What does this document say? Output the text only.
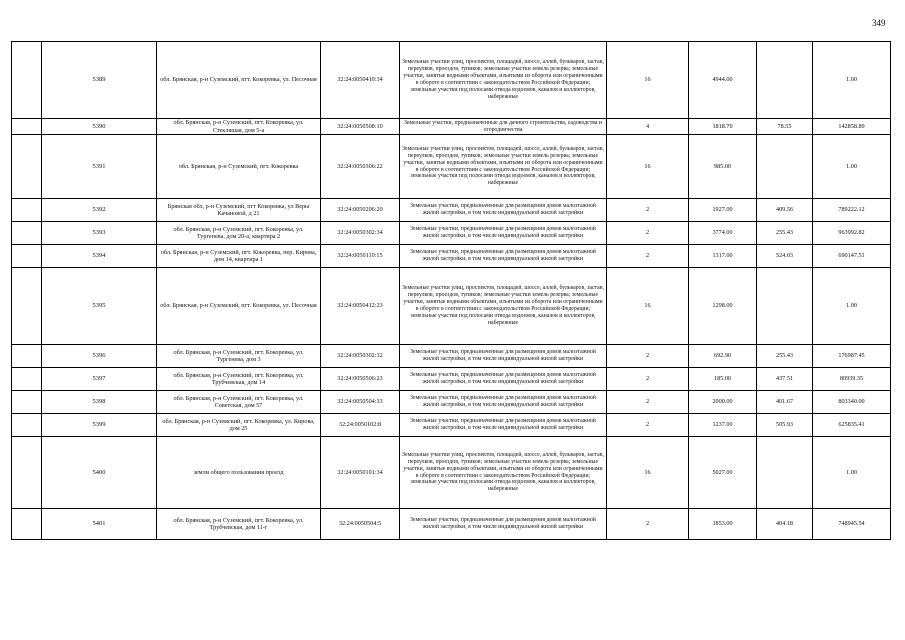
349
	5389	обл. Брянская, р-н Суземский, пгт. Кокоревка, ул. Песочная	32:24:0050410:34	Земельные участки улиц, проспектов, площадей, шоссе, аллей, бульваров, застав, переулков, проездов, тупиков; земельные участки земель резерва; земельные участки, занятые водными объектами, изъятыми из оборота или ограниченными в обороте в соответствии с законодательством Российской Федерации; земельные участки под полосами отвода водоемов, каналов и коллекторов, набережные	16	4944.00		1.00
	5390	обл. Брянская, р-н Суземский, пгт. Кокоревка, ул. Стекляшая, дом 5-а	32:24:0050508:10	Земельные участки, предназначенные для дачного строительства, садоводства и огородничества	4	1818.70	78.55	142858.89
	5391	обл. Брянская, р-н Суземский, пгт. Кокоревка	32:24:0050306:22	Земельные участки улиц, проспектов, площадей, шоссе, аллей, бульваров, застав, переулков, проездов, тупиков; земельные участки земель резерва; земельные участки, занятые водными объектами, изъятыми из оборота или ограниченными в обороте в соответствии с законодательством Российской Федерации; земельные участки под полосами отвода водоемов, каналов и коллекторов, набережные	16	985.00		1.00
	5392	Брянская обл, р-н Суземский, пгт Кокоревка, ул Веры Качановой, д 21	32:24:0050206:20	Земельные участки, предназначенные для размещения домов малоэтажной жилой застройки, в том числе индивидуальной жилой застройки	2	1927.00	409.56	789222.12
	5393	обл. Брянская, р-н Суземский, пгт. Кокоревка, ул. Тургенева, дом 20-а, квартира 2	32:24:0050302:34	Земельные участки, предназначенные для размещения домов малоэтажной жилой застройки, в том числе индивидуальной жилой застройки	2	3774.00	255.43	963992.82
	5394	обл. Брянская, р-н Суземский, пгт. Кокоревка, пер. Кирова, дом 14, квартира 1	32:24:0050110:15	Земельные участки, предназначенные для размещения домов малоэтажной жилой застройки, в том числе индивидуальной жилой застройки	2	1317.00	524.03	690147.51
	5395	обл. Брянская, р-н Суземский, пгт. Кокоревка, ул. Песочная	32:24:0050412:23	Земельные участки улиц, проспектов, площадей, шоссе, аллей, бульваров, застав, переулков, проездов, тупиков; земельные участки земель резерва; земельные участки, занятые водными объектами, изъятыми из оборота или ограниченными в обороте в соответствии с законодательством Российской Федерации; земельные участки под полосами отвода водоемов, каналов и коллекторов, набережные	16	1298.00		1.00
	5396	обл. Брянская, р-н Суземский, пгт. Кокоревка, ул. Тургенева, дом 3	32:24:0050302:12	Земельные участки, предназначенные для размещения домов малоэтажной жилой застройки, в том числе индивидуальной жилой застройки	2	692.90	255.43	176987.45
	5397	обл. Брянская, р-н Суземский, пгт. Кокоревка, ул. Трубчевская, дом 14	32:24:0050506:23	Земельные участки, предназначенные для размещения домов малоэтажной жилой застройки, в том числе индивидуальной жилой застройки	2	185.00	437.51	80939.35
	5398	обл. Брянская, р-н Суземский, пгт. Кокоревка, ул. Советская, дом 57	32:24:0050504:33	Земельные участки, предназначенные для размещения домов малоэтажной жилой застройки, в том числе индивидуальной жилой застройки	2	2000.00	401.67	803340.00
	5399	обл. Брянская, р-н Суземский, пгт. Кокоревка, ул. Кирова, дом 25	32:24:0050102:8	Земельные участки, предназначенные для размещения домов малоэтажной жилой застройки, в том числе индивидуальной жилой застройки	2	1237.00	505.93	625835.41
	5400	земли общего пользования проезд	32:24:0050101:34	Земельные участки улиц, проспектов, площадей, шоссе, аллей, бульваров, застав, переулков, проездов, тупиков; земельные участки земель резерва; земельные участки, занятые водными объектами, изъятыми из оборота или ограниченными в обороте в соответствии с законодательством Российской Федерации; земельные участки под полосами отвода водоемов, каналов и коллекторов, набережные	16	5027.00		1.00
	5401	обл. Брянская, р-н Суземский, пгт. Кокоревка, ул. Трубчевская, дом 11-г	32:24:0050504:5	Земельные участки, предназначенные для размещения домов малоэтажной жилой застройки, в том числе индивидуальной жилой застройки	2	1853.00	404.18	748945.54
